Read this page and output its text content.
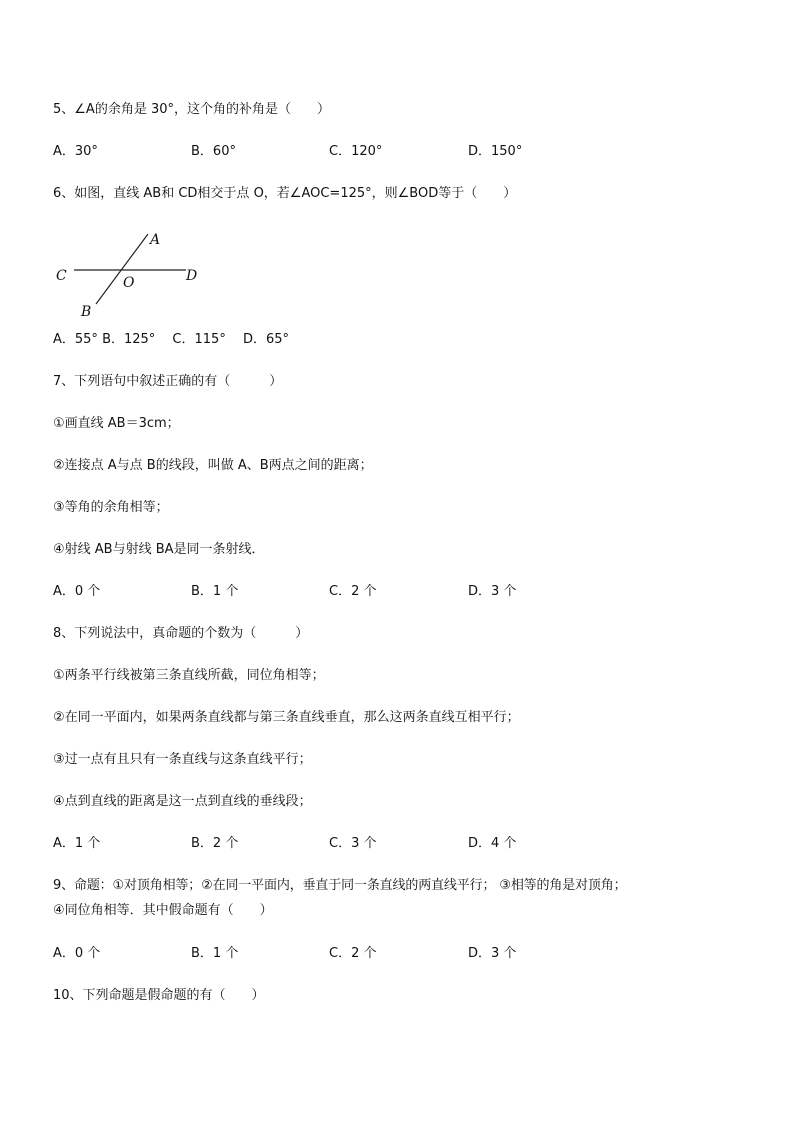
5、∠A的余角是 30°，这个角的补角是（　　）
A．30°	B．60°	C．120°	D．150°
6、如图，直线 AB和 CD相交于点 O，若∠AOC=125°，则∠BOD等于（　　）
A
C	O	D
B
A．55° B．125°　 C．115°　 D．65°
7、下列语句中叙述正确的有（　　　）
①画直线 AB＝3cm；
②连接点 A与点 B的线段，叫做 A、B两点之间的距离；
③等角的余角相等；
④射线 AB与射线 BA是同一条射线．
A．0 个	B．1 个	C．2 个	D．3 个
8、下列说法中，真命题的个数为（　　　）
①两条平行线被第三条直线所截，同位角相等；
②在同一平面内，如果两条直线都与第三条直线垂直，那么这两条直线互相平行；
③过一点有且只有一条直线与这条直线平行；
④点到直线的距离是这一点到直线的垂线段；
A．1 个	B．2 个	C．3 个	D．4 个
9、命题：①对顶角相等；②在同一平面内，垂直于同一条直线的两直线平行； ③相等的角是对顶角；
④同位角相等．其中假命题有（　　）
A．0 个	B．1 个	C．2 个	D．3 个
10、下列命题是假命题的有（　　）
